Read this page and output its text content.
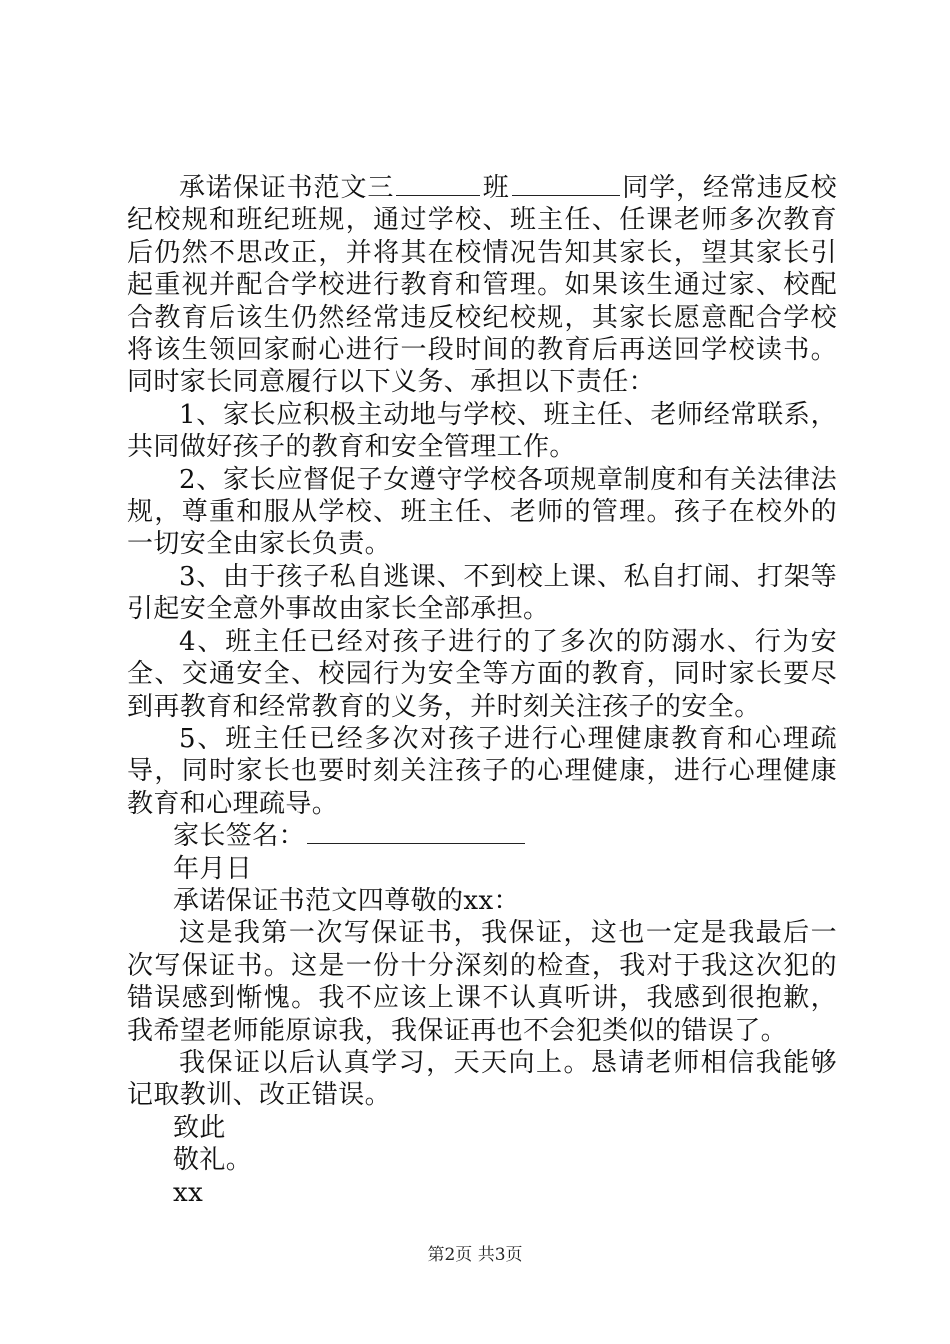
承诺保证书范文三	班	同学，经常违反校纪校规和班纪班规，通过学校、班主任、任课老师多次教育后仍然不思改正，并将其在校情况告知其家长，望其家长引起重视并配合学校进行教育和管理。如果该生通过家、校配合教育后该生仍然经常违反校纪校规，其家长愿意配合学校将该生领回家耐心进行一段时间的教育后再送回学校读书。同时家长同意履行以下义务、承担以下责任：

1、家长应积极主动地与学校、班主任、老师经常联系，共同做好孩子的教育和安全管理工作。

2、家长应督促子女遵守学校各项规章制度和有关法律法规，尊重和服从学校、班主任、老师的管理。孩子在校外的一切安全由家长负责。

3、由于孩子私自逃课、不到校上课、私自打闹、打架等引起安全意外事故由家长全部承担。

4、班主任已经对孩子进行的了多次的防溺水、行为安全、交通安全、校园行为安全等方面的教育，同时家长要尽到再教育和经常教育的义务，并时刻关注孩子的安全。

5、班主任已经多次对孩子进行心理健康教育和心理疏导，同时家长也要时刻关注孩子的心理健康，进行心理健康教育和心理疏导。

家长签名：

年月日

承诺保证书范文四尊敬的xx：

这是我第一次写保证书，我保证，这也一定是我最后一次写保证书。这是一份十分深刻的检查，我对于我这次犯的错误感到惭愧。我不应该上课不认真听讲，我感到很抱歉，我希望老师能原谅我，我保证再也不会犯类似的错误了。

我保证以后认真学习，天天向上。恳请老师相信我能够记取教训、改正错误。

致此

敬礼。

xx

第2页 共3页
